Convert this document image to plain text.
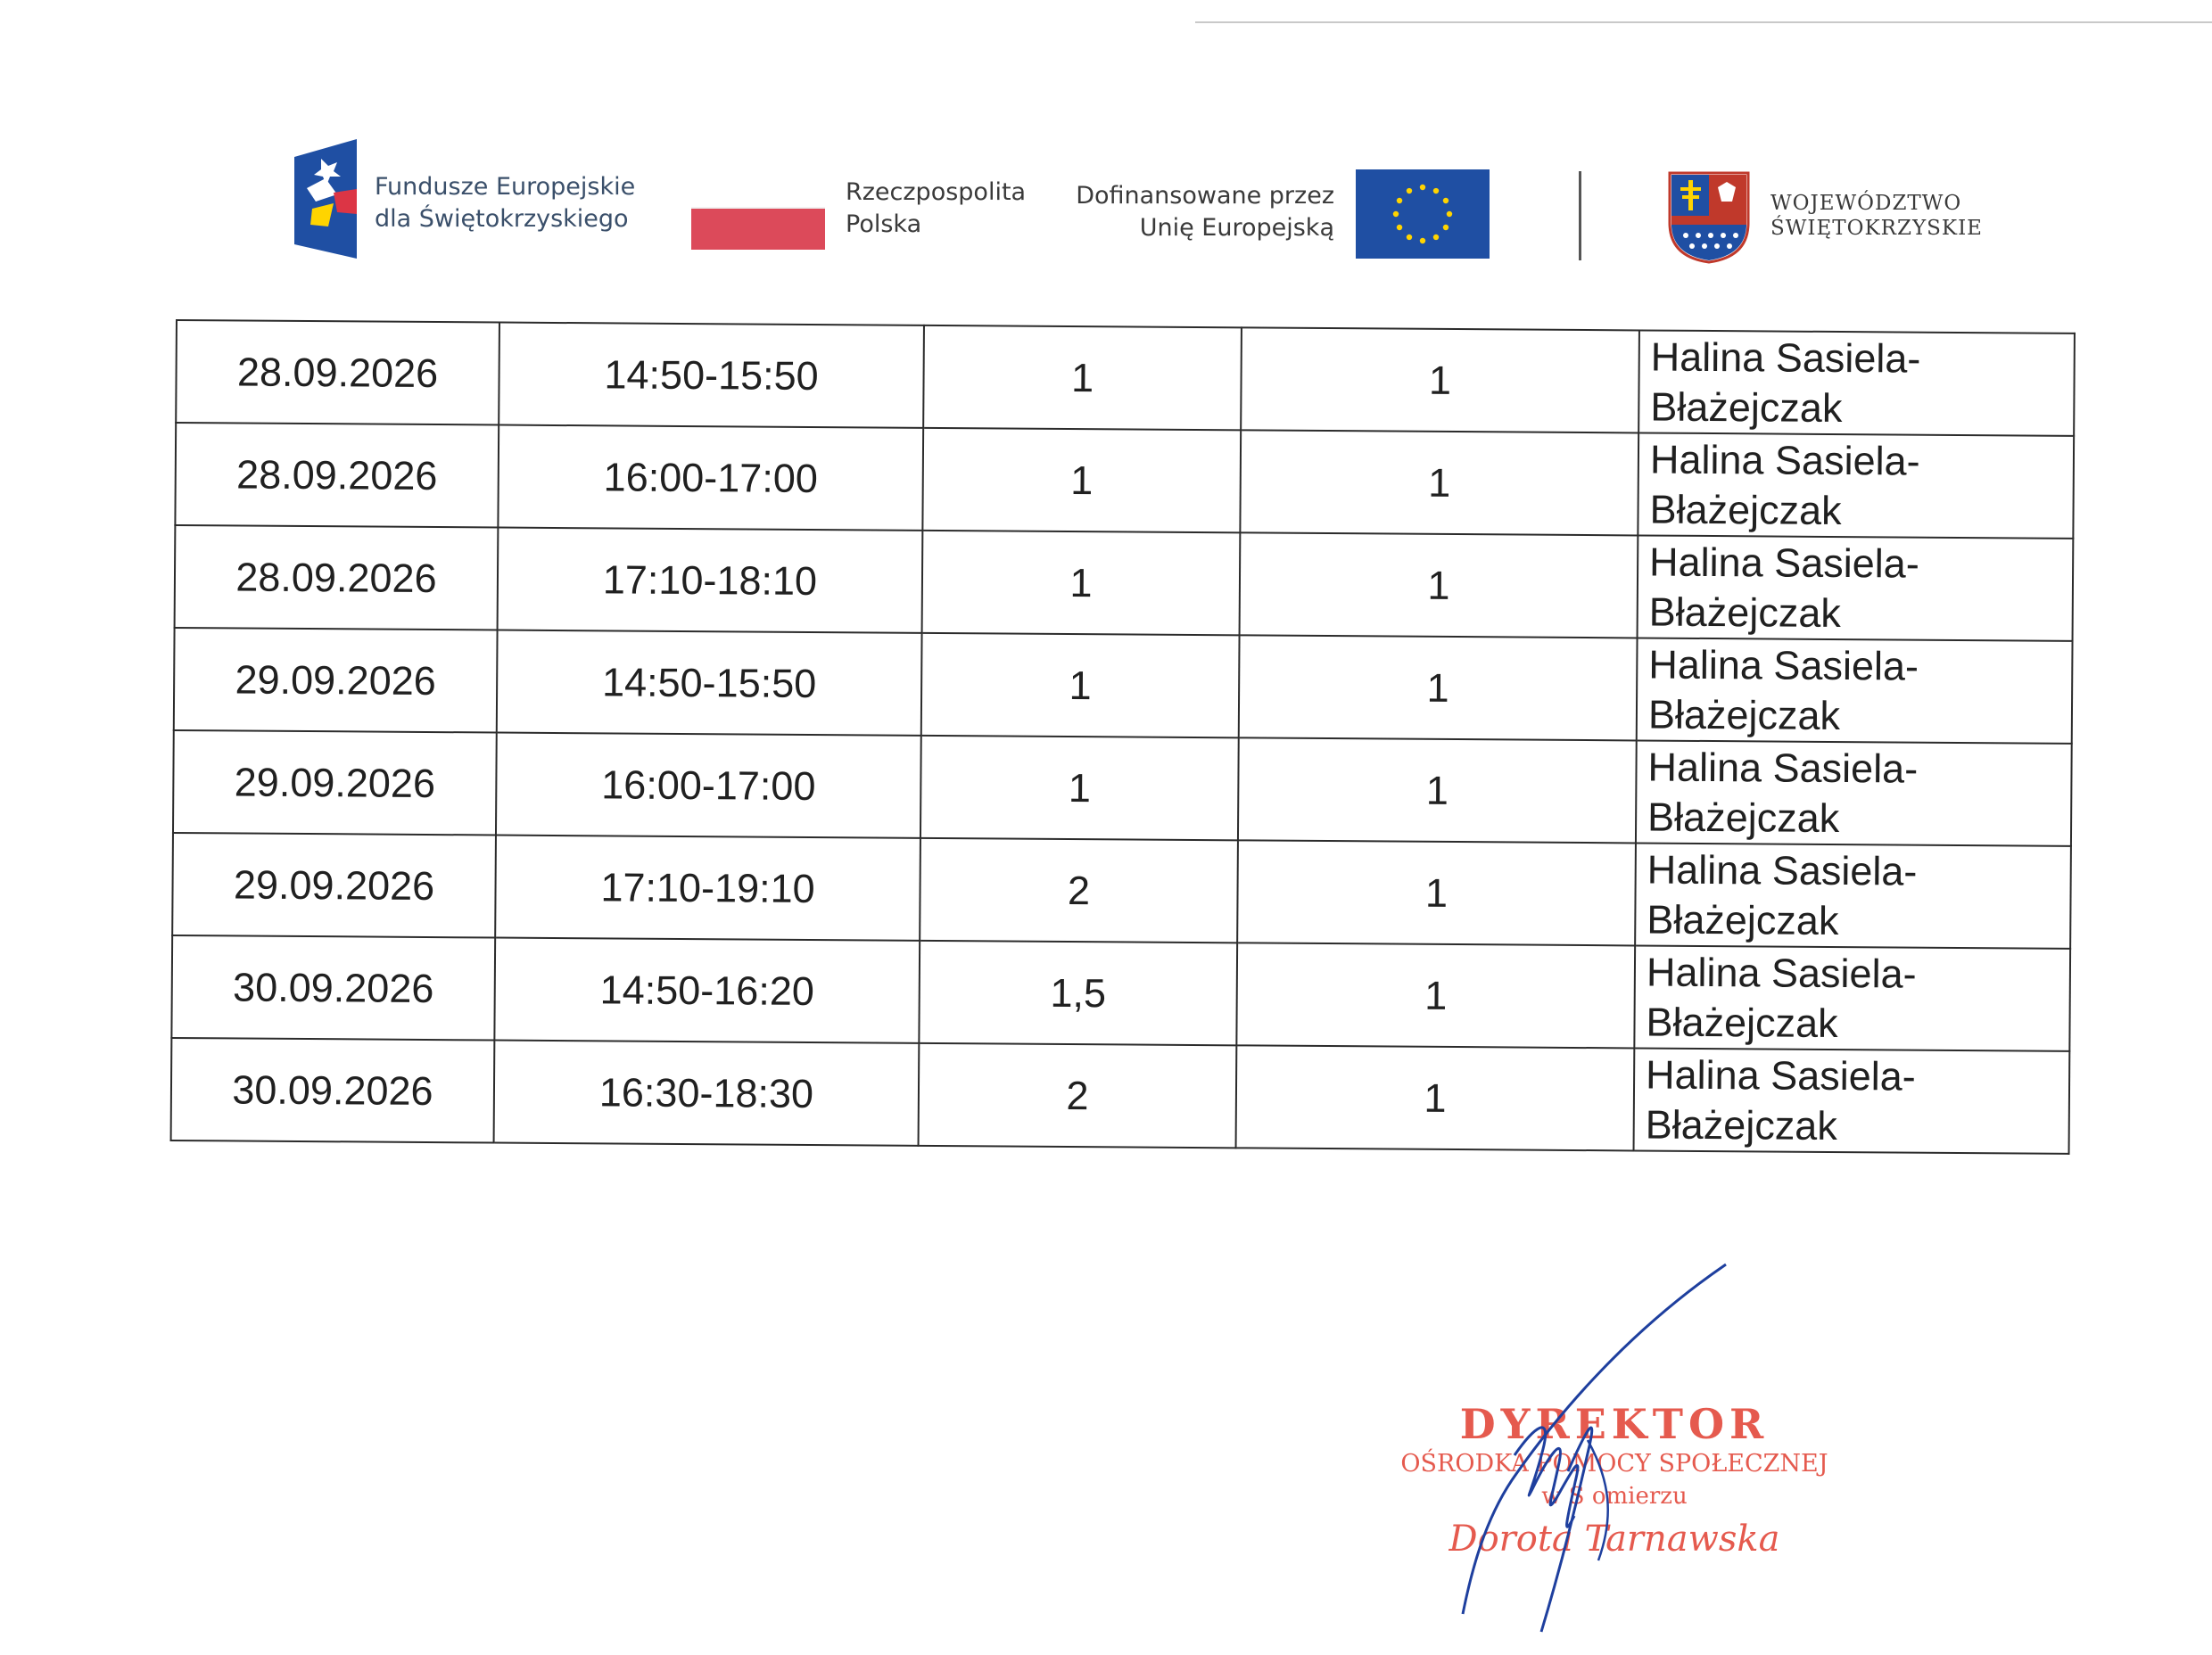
Fundusze Europejskie
dla Świętokrzyskiego
Rzeczpospolita
Polska
Dofinansowane przez
Unię Europejską
WOJEWÓDZTWO
ŚWIĘTOKRZYSKIE
28.09.2026	14:50-15:50	1	1	Halina Sasiela-
Błażejczak

28.09.2026	16:00-17:00	1	1	Halina Sasiela-
Błażejczak

28.09.2026	17:10-18:10	1	1	Halina Sasiela-
Błażejczak

29.09.2026	14:50-15:50	1	1	Halina Sasiela-
Błażejczak

29.09.2026	16:00-17:00	1	1	Halina Sasiela-
Błażejczak

29.09.2026	17:10-19:10	2	1	Halina Sasiela-
Błażejczak

30.09.2026	14:50-16:20	1,5	1	Halina Sasiela-
Błażejczak

30.09.2026	16:30-18:30	2	1	Halina Sasiela-
Błażejczak
DYREKTOR
OŚRODKA POMOCY SPOŁECZNEJ
w S omierzu
Dorota Tarnawska
